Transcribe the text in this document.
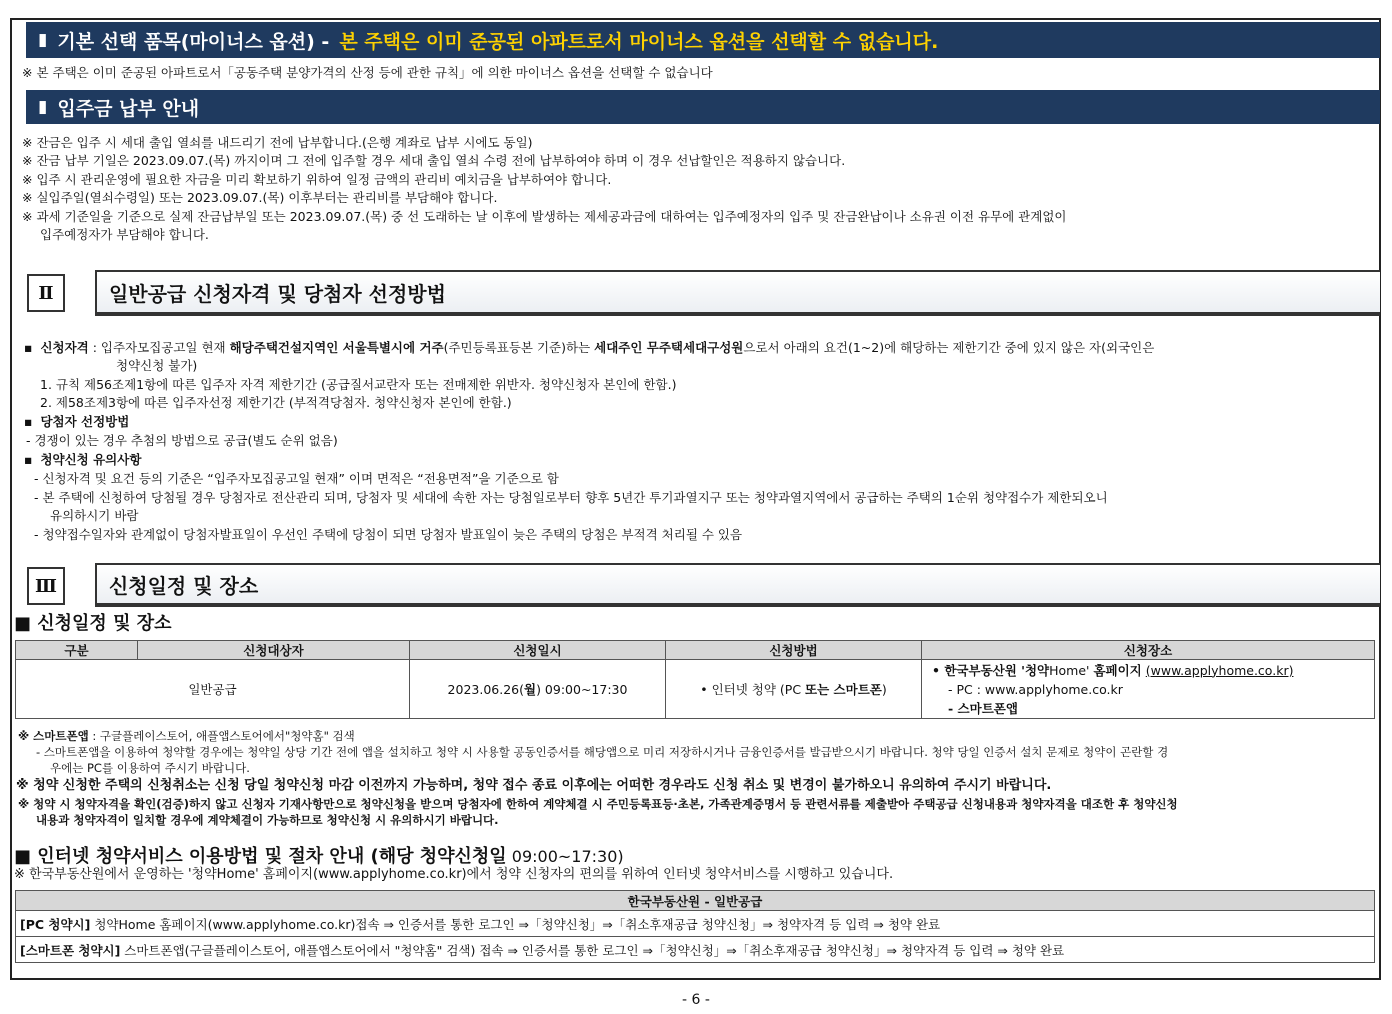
▮ 기본 선택 품목(마이너스 옵션) - 본 주택은 이미 준공된 아파트로서 마이너스 옵션을 선택할 수 없습니다.
※ 본 주택은 이미 준공된 아파트로서「공동주택 분양가격의 산정 등에 관한 규칙」에 의한 마이너스 옵션을 선택할 수 없습니다
▮ 입주금 납부 안내
※ 잔금은 입주 시 세대 출입 열쇠를 내드리기 전에 납부합니다.(은행 계좌로 납부 시에도 동일)
※ 잔금 납부 기일은 2023.09.07.(목) 까지이며 그 전에 입주할 경우 세대 출입 열쇠 수령 전에 납부하여야 하며 이 경우 선납할인은 적용하지 않습니다.
※ 입주 시 관리운영에 필요한 자금을 미리 확보하기 위하여 일정 금액의 관리비 예치금을 납부하여야 합니다.
※ 실입주일(열쇠수령일) 또는 2023.09.07.(목) 이후부터는 관리비를 부담해야 합니다.
※ 과세 기준일을 기준으로 실제 잔금납부일 또는 2023.09.07.(목) 중 선 도래하는 날 이후에 발생하는 제세공과금에 대하여는 입주예정자의 입주 및 잔금완납이나 소유권 이전 유무에 관계없이
입주예정자가 부담해야 합니다.
Ⅱ	일반공급 신청자격 및 당첨자 선정방법
▪ 신청자격 : 입주자모집공고일 현재 해당주택건설지역인 서울특별시에 거주(주민등록표등본 기준)하는 세대주인 무주택세대구성원으로서 아래의 요건(1~2)에 해당하는 제한기간 중에 있지 않은 자(외국인은
청약신청 불가)
1. 규칙 제56조제1항에 따른 입주자 자격 제한기간 (공급질서교란자 또는 전매제한 위반자. 청약신청자 본인에 한함.)
2. 제58조제3항에 따른 입주자선정 제한기간 (부적격당첨자. 청약신청자 본인에 한함.)
▪ 당첨자 선정방법
- 경쟁이 있는 경우 추첨의 방법으로 공급(별도 순위 없음)
▪ 청약신청 유의사항
- 신청자격 및 요건 등의 기준은 “입주자모집공고일 현재” 이며 면적은 “전용면적”을 기준으로 함
- 본 주택에 신청하여 당첨될 경우 당첨자로 전산관리 되며, 당첨자 및 세대에 속한 자는 당첨일로부터 향후 5년간 투기과열지구 또는 청약과열지역에서 공급하는 주택의 1순위 청약접수가 제한되오니
유의하시기 바람
- 청약접수일자와 관계없이 당첨자발표일이 우선인 주택에 당첨이 되면 당첨자 발표일이 늦은 주택의 당첨은 부적격 처리될 수 있음
Ⅲ	신청일정 및 장소
■ 신청일정 및 장소
구분	신청대상자	신청일시	신청방법	신청장소
일반공급		2023.06.26(월) 09:00~17:30	• 인터넷 청약 (PC 또는 스마트폰)	• 한국부동산원 '청약Home' 홈페이지 (www.applyhome.co.kr)
- PC : www.applyhome.co.kr
- 스마트폰앱
※ 스마트폰앱 : 구글플레이스토어, 애플앱스토어에서"청약홈" 검색
- 스마트폰앱을 이용하여 청약할 경우에는 청약일 상당 기간 전에 앱을 설치하고 청약 시 사용할 공동인증서를 해당앱으로 미리 저장하시거나 금융인증서를 발급받으시기 바랍니다. 청약 당일 인증서 설치 문제로 청약이 곤란할 경
우에는 PC를 이용하여 주시기 바랍니다.
※ 청약 신청한 주택의 신청취소는 신청 당일 청약신청 마감 이전까지 가능하며, 청약 접수 종료 이후에는 어떠한 경우라도 신청 취소 및 변경이 불가하오니 유의하여 주시기 바랍니다.
※ 청약 시 청약자격을 확인(검증)하지 않고 신청자 기재사항만으로 청약신청을 받으며 당첨자에 한하여 계약체결 시 주민등록표등·초본, 가족관계증명서 등 관련서류를 제출받아 주택공급 신청내용과 청약자격을 대조한 후 청약신청
내용과 청약자격이 일치할 경우에 계약체결이 가능하므로 청약신청 시 유의하시기 바랍니다.
■ 인터넷 청약서비스 이용방법 및 절차 안내 (해당 청약신청일 09:00~17:30)
※ 한국부동산원에서 운영하는 '청약Home' 홈페이지(www.applyhome.co.kr)에서 청약 신청자의 편의를 위하여 인터넷 청약서비스를 시행하고 있습니다.
한국부동산원 - 일반공급
[PC 청약시] 청약Home 홈페이지(www.applyhome.co.kr)접속 ⇒ 인증서를 통한 로그인 ⇒「청약신청」⇒「취소후재공급 청약신청」⇒ 청약자격 등 입력 ⇒ 청약 완료
[스마트폰 청약시] 스마트폰앱(구글플레이스토어, 애플앱스토어에서 "청약홈" 검색) 접속 ⇒ 인증서를 통한 로그인 ⇒「청약신청」⇒「취소후재공급 청약신청」⇒ 청약자격 등 입력 ⇒ 청약 완료
- 6 -
